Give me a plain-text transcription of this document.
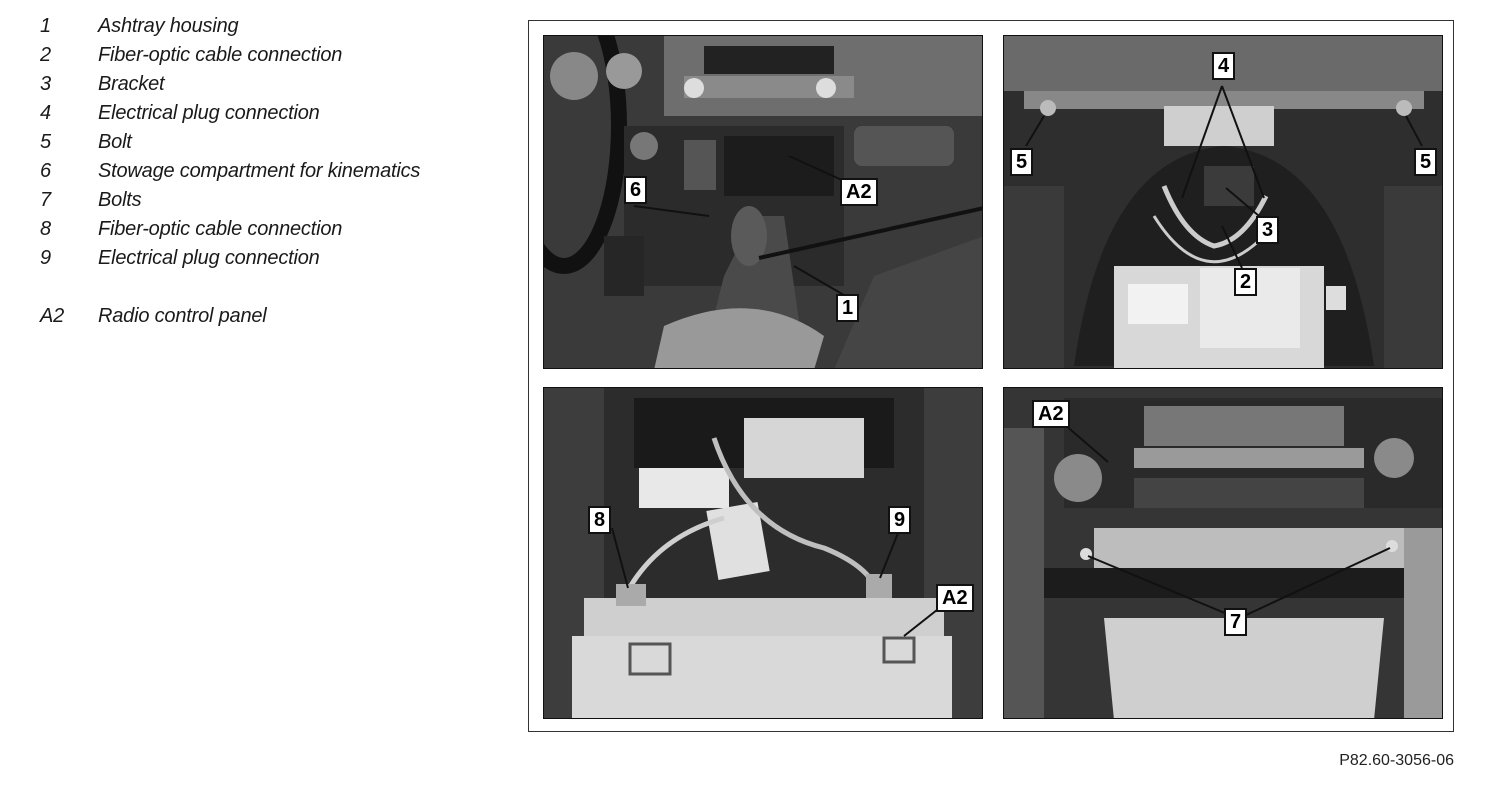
1	Ashtray housing
2	Fiber-optic cable connection
3	Bracket
4	Electrical plug connection
5	Bolt
6	Stowage compartment for kinematics
7	Bolts
8	Fiber-optic cable connection
9	Electrical plug connection
A2	Radio control panel
6	A2
1
4
5	5
3
2
8	9
A2
A2
7
P82.60-3056-06
